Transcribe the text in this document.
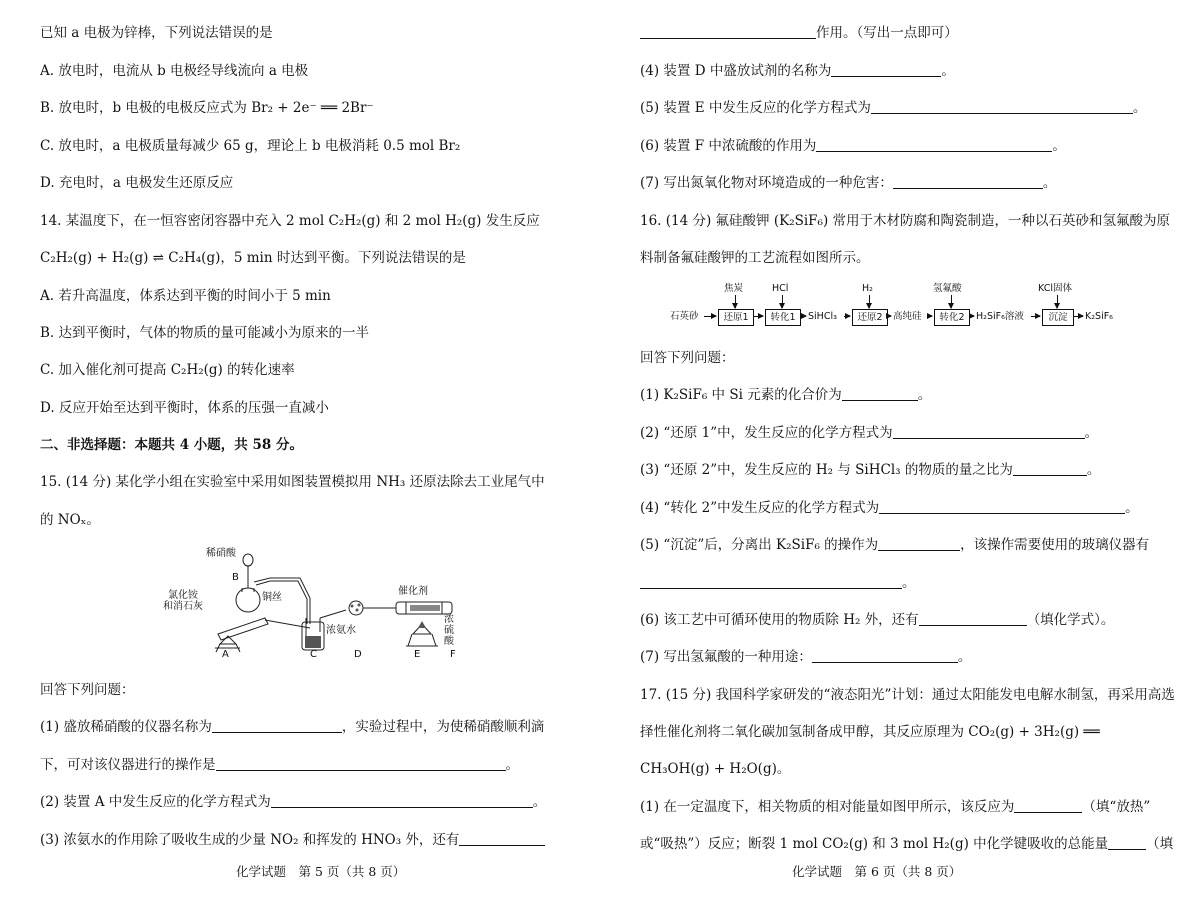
已知 a 电极为锌棒，下列说法错误的是
A. 放电时，电流从 b 电极经导线流向 a 电极
B. 放电时，b 电极的电极反应式为 Br₂ + 2e⁻ ══ 2Br⁻
C. 放电时，a 电极质量每减少 65 g，理论上 b 电极消耗 0.5 mol Br₂
D. 充电时，a 电极发生还原反应
14. 某温度下，在一恒容密闭容器中充入 2 mol C₂H₂(g) 和 2 mol H₂(g) 发生反应
C₂H₂(g) + H₂(g) ⇌ C₂H₄(g)，5 min 时达到平衡。下列说法错误的是
A. 若升高温度，体系达到平衡的时间小于 5 min
B. 达到平衡时，气体的物质的量可能减小为原来的一半
C. 加入催化剂可提高 C₂H₂(g) 的转化速率
D. 反应开始至达到平衡时，体系的压强一直减小
二、非选择题：本题共 4 小题，共 58 分。
15. (14 分) 某化学小组在实验室中采用如图装置模拟用 NH₃ 还原法除去工业尾气中
的 NOₓ。
稀硝酸
B
铜丝
氯化铵
和消石灰
A
浓氨水
C	D
催化剂
E
浓
硫
酸
F
回答下列问题：
(1) 盛放稀硝酸的仪器名称为	，实验过程中，为使稀硝酸顺利滴
下，可对该仪器进行的操作是	。
(2) 装置 A 中发生反应的化学方程式为	。
(3) 浓氨水的作用除了吸收生成的少量 NO₂ 和挥发的 HNO₃ 外，还有
化学试题　第 5 页（共 8 页）
作用。（写出一点即可）
(4) 装置 D 中盛放试剂的名称为	。
(5) 装置 E 中发生反应的化学方程式为	。
(6) 装置 F 中浓硫酸的作用为	。
(7) 写出氮氧化物对环境造成的一种危害：	。
16. (14 分) 氟硅酸钾 (K₂SiF₆) 常用于木材防腐和陶瓷制造，一种以石英砂和氢氟酸为原
料制备氟硅酸钾的工艺流程如图所示。
石英砂	还原1
焦炭
转化1
HCl
SiHCl₃	还原2
H₂
高纯硅	转化2
氢氟酸
H₂SiF₆溶液	沉淀
KCl固体
K₂SiF₆
回答下列问题：
(1) K₂SiF₆ 中 Si 元素的化合价为	。
(2) “还原 1”中，发生反应的化学方程式为	。
(3) “还原 2”中，发生反应的 H₂ 与 SiHCl₃ 的物质的量之比为	。
(4) “转化 2”中发生反应的化学方程式为	。
(5) “沉淀”后，分离出 K₂SiF₆ 的操作为	，该操作需要使用的玻璃仪器有
。
(6) 该工艺中可循环使用的物质除 H₂ 外，还有	（填化学式）。
(7) 写出氢氟酸的一种用途：	。
17. (15 分) 我国科学家研发的“液态阳光”计划：通过太阳能发电电解水制氢，再采用高选
择性催化剂将二氧化碳加氢制备成甲醇，其反应原理为 CO₂(g) + 3H₂(g) ══
CH₃OH(g) + H₂O(g)。
(1) 在一定温度下，相关物质的相对能量如图甲所示，该反应为	（填“放热”
或“吸热”）反应；断裂 1 mol CO₂(g) 和 3 mol H₂(g) 中化学键吸收的总能量	（填
化学试题　第 6 页（共 8 页）
